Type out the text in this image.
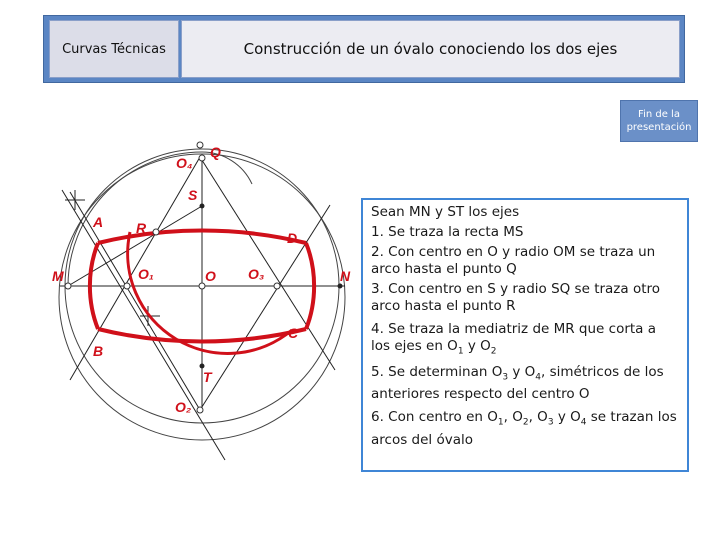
Curvas Técnicas	Construcción de un óvalo conociendo los dos ejes
Fin de la
presentación
Q
O₄
S
A R
D
M	O₁	O O₃	N
C
B
T
O₂

Sean MN y ST los ejes

1. Se traza la recta MS

2. Con centro en O y radio OM se traza un arco hasta el punto Q

3. Con centro en S y radio SQ se traza otro arco hasta el punto R

4. Se traza la mediatriz de MR que corta a los ejes en $O_1$ y $O_2$

5. Se determinan $O_3$ y $O_4$, simétricos de los anteriores respecto del centro O

6. Con centro en $O_1$, $O_2$, $O_3$ y $O_4$ se trazan los arcos del óvalo
